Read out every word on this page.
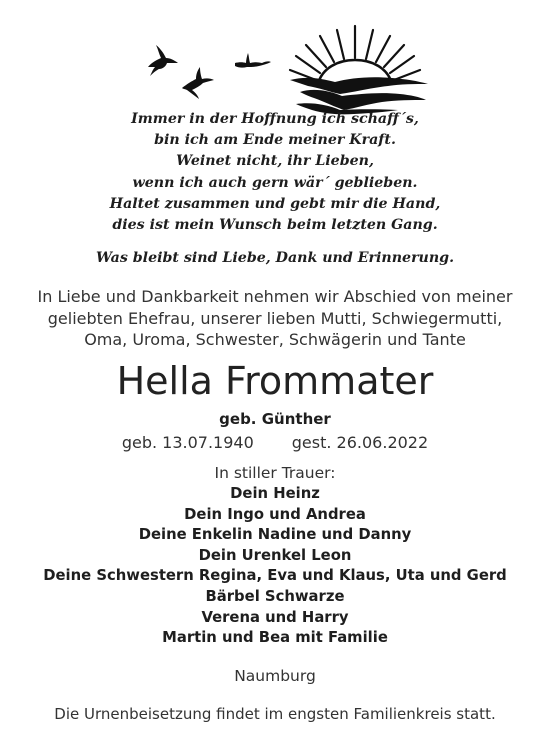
Immer in der Hoffnung ich schaff´s,
bin ich am Ende meiner Kraft.
Weinet nicht, ihr Lieben,
wenn ich auch gern wär´ geblieben.
Haltet zusammen und gebt mir die Hand,
dies ist mein Wunsch beim letzten Gang.
Was bleibt sind Liebe, Dank und Erinnerung.
In Liebe und Dankbarkeit nehmen wir Abschied von meiner
geliebten Ehefrau, unserer lieben Mutti, Schwiegermutti,
Oma, Uroma, Schwester, Schwägerin und Tante
Hella Frommater
geb. Günther
geb. 13.07.1940 gest. 26.06.2022
In stiller Trauer:
Dein Heinz
Dein Ingo und Andrea
Deine Enkelin Nadine und Danny
Dein Urenkel Leon
Deine Schwestern Regina, Eva und Klaus, Uta und Gerd
Bärbel Schwarze
Verena und Harry
Martin und Bea mit Familie
Naumburg
Die Urnenbeisetzung findet im engsten Familienkreis statt.
